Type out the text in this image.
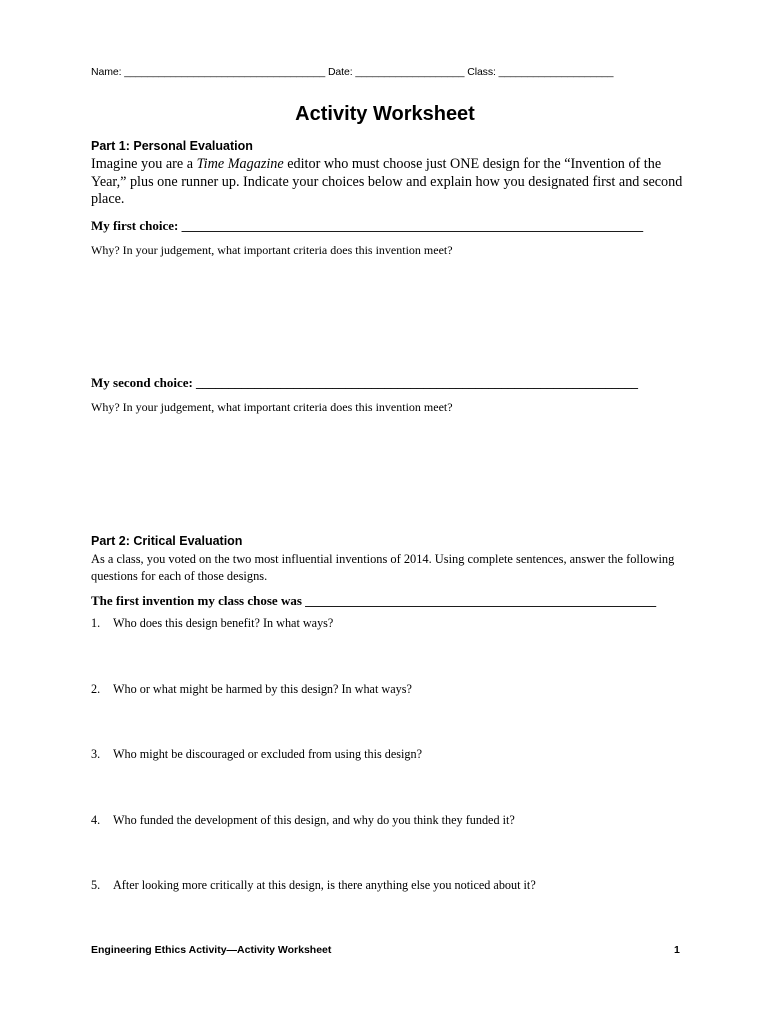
Name: ___________________________________ Date: ___________________ Class: ____________________
Activity Worksheet
Part 1: Personal Evaluation
Imagine you are a Time Magazine editor who must choose just ONE design for the “Invention of the Year,” plus one runner up. Indicate your choices below and explain how you designated first and second place.
My first choice: _______________________________________________________________________
Why? In your judgement, what important criteria does this invention meet?
My second choice: ____________________________________________________________________
Why? In your judgement, what important criteria does this invention meet?
Part 2: Critical Evaluation
As a class, you voted on the two most influential inventions of 2014. Using complete sentences, answer the following questions for each of those designs.
The first invention my class chose was ______________________________________________________
1. Who does this design benefit? In what ways?
2. Who or what might be harmed by this design? In what ways?
3. Who might be discouraged or excluded from using this design?
4. Who funded the development of this design, and why do you think they funded it?
5. After looking more critically at this design, is there anything else you noticed about it?
Engineering Ethics Activity—Activity Worksheet	1
